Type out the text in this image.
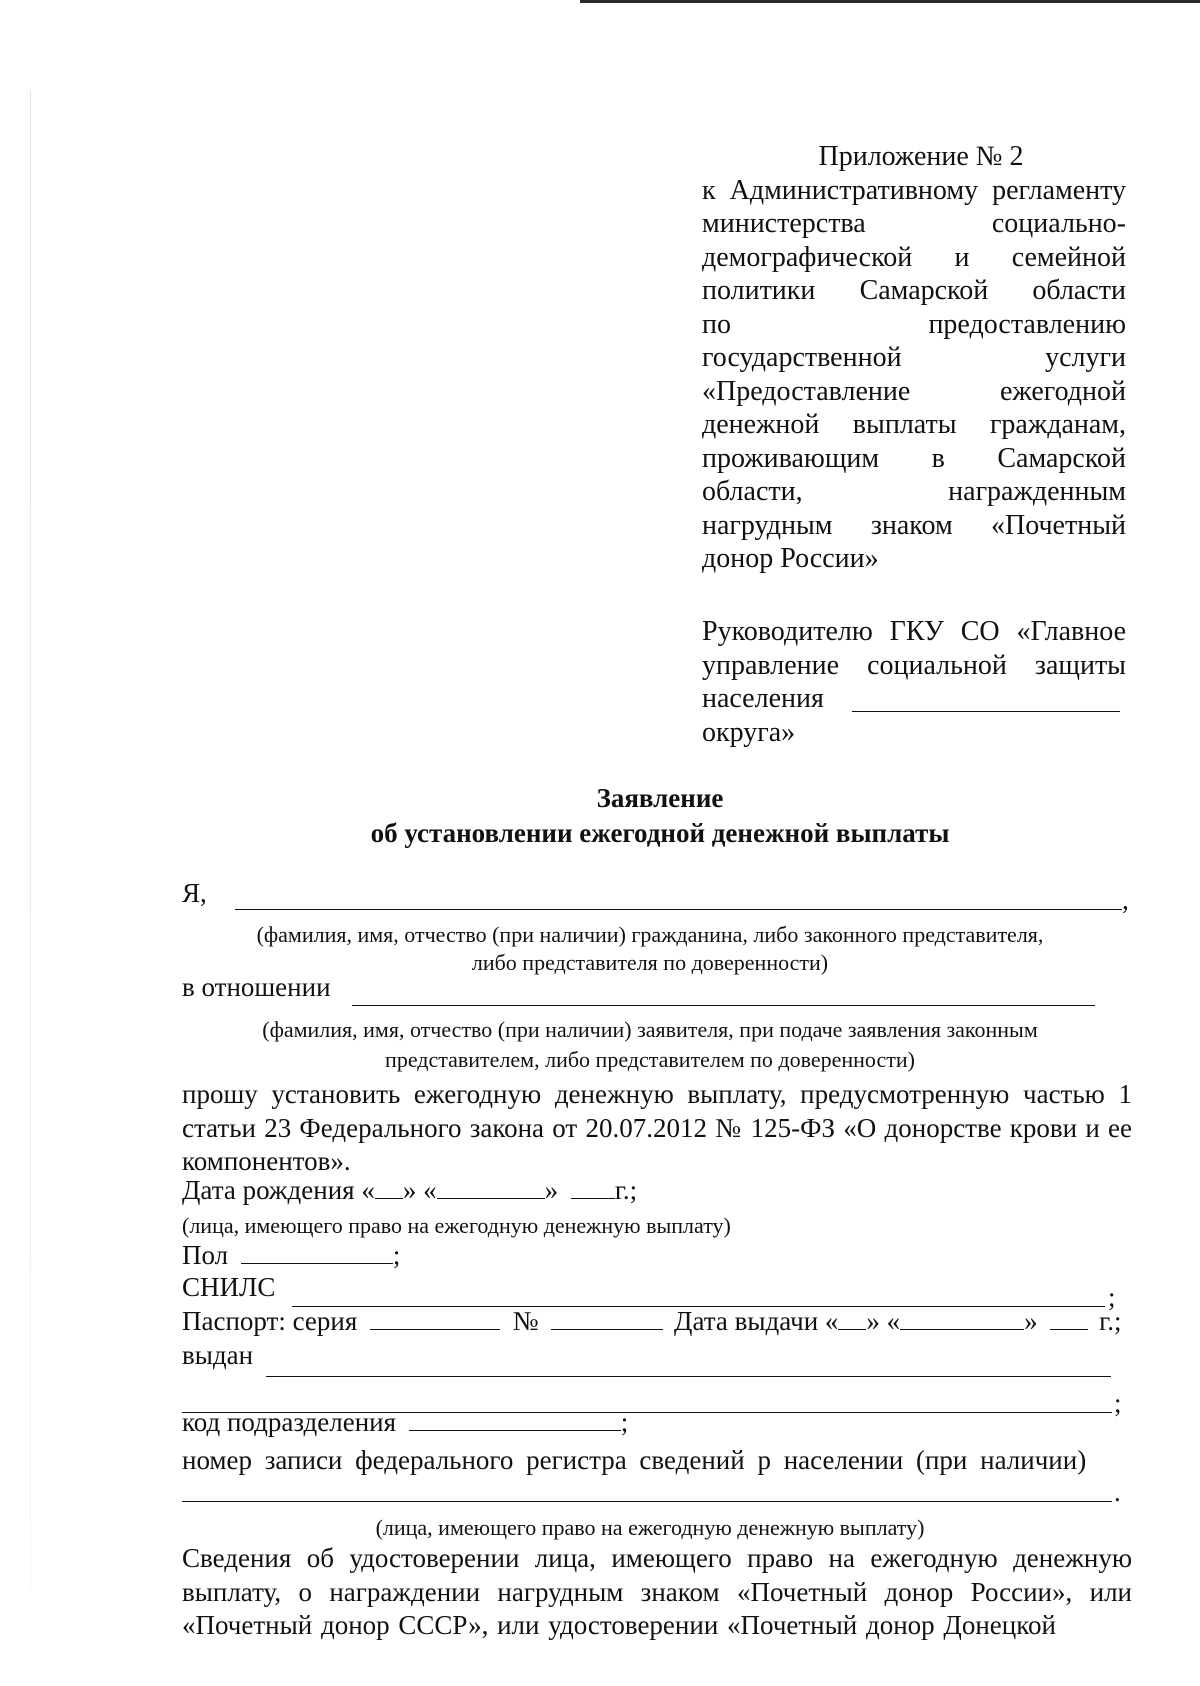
Приложение № 2
к Административному регламенту
министерства	социально-
демографической и семейной
политики Самарской области
по	предоставлению
государственной	услуги
«Предоставление	ежегодной
денежной выплаты гражданам,
проживающим в Самарской
области,	награжденным
нагрудным знаком «Почетный
донор России»
Руководителю ГКУ СО «Главное
управление социальной защиты
населения
округа»
Заявление
об установлении ежегодной денежной выплаты
Я,	,
(фамилия, имя, отчество (при наличии) гражданина, либо законного представителя,
либо представителя по доверенности)
в отношении
(фамилия, имя, отчество (при наличии) заявителя, при подаче заявления законным
представителем, либо представителем по доверенности)
прошу установить ежегодную денежную выплату, предусмотренную частью 1 статьи 23 Федерального закона от 20.07.2012 № 125-ФЗ «О донорстве крови и ее компонентов».
Дата рождения « » «	» г.;
(лица, имеющего право на ежегодную денежную выплату)
Пол	;
СНИЛС	;
Паспорт: серия	№	Дата выдачи « » «	» г.;
выдан
;
код подразделения	;
номер записи федерального регистра сведений р населении (при наличии)
.
(лица, имеющего право на ежегодную денежную выплату)
Сведения об удостоверении лица, имеющего право на ежегодную денежную выплату, о награждении нагрудным знаком «Почетный донор России», или «Почетный донор СССР», или удостоверении «Почетный донор Донецкой
